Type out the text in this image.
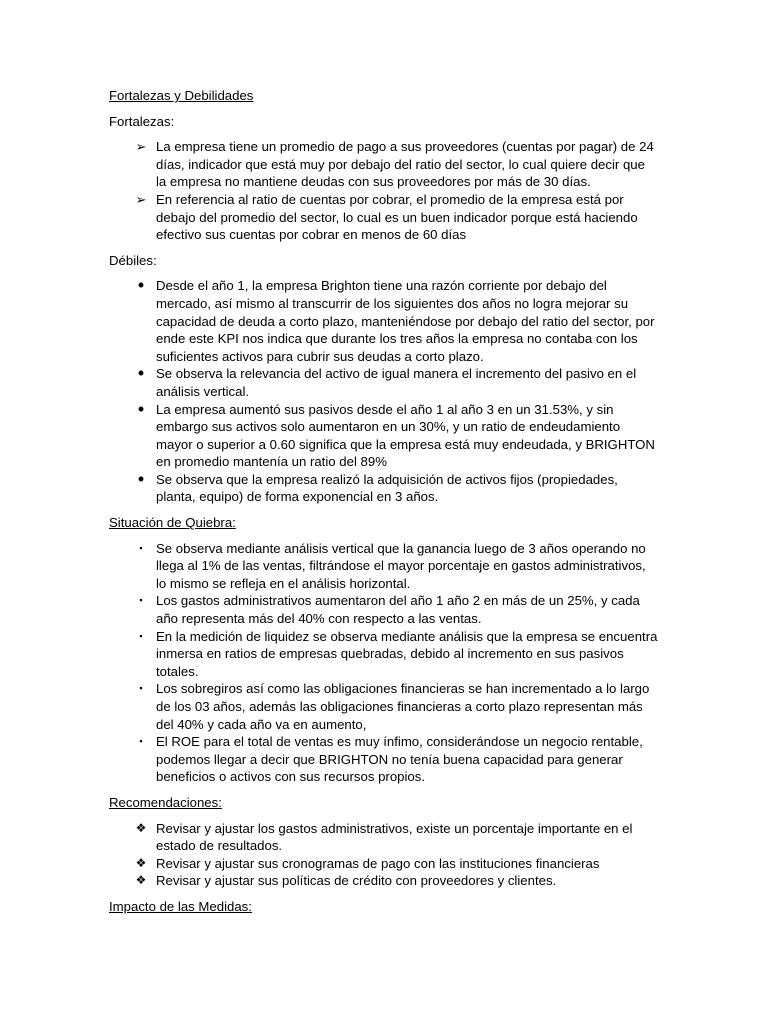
Fortalezas y Debilidades

Fortalezas:

➢ La empresa tiene un promedio de pago a sus proveedores (cuentas por pagar) de 24 días, indicador que está muy por debajo del ratio del sector, lo cual quiere decir que la empresa no mantiene deudas con sus proveedores por más de 30 días.
➢ En referencia al ratio de cuentas por cobrar, el promedio de la empresa está por debajo del promedio del sector, lo cual es un buen indicador porque está haciendo efectivo sus cuentas por cobrar en menos de 60 días

Débiles:

• Desde el año 1, la empresa Brighton tiene una razón corriente por debajo del mercado, así mismo al transcurrir de los siguientes dos años no logra mejorar su capacidad de deuda a corto plazo, manteniéndose por debajo del ratio del sector, por ende este KPI nos indica que durante los tres años la empresa no contaba con los suficientes activos para cubrir sus deudas a corto plazo.
• Se observa la relevancia del activo de igual manera el incremento del pasivo en el análisis vertical.
• La empresa aumentó sus pasivos desde el año 1 al año 3 en un 31.53%, y sin embargo sus activos solo aumentaron en un 30%, y un ratio de endeudamiento mayor o superior a 0.60 significa que la empresa está muy endeudada, y BRIGHTON en promedio mantenía un ratio del 89%
• Se observa que la empresa realizó la adquisición de activos fijos (propiedades, planta, equipo) de forma exponencial en 3 años.

Situación de Quiebra:

▪	Se observa mediante análisis vertical que la ganancia luego de 3 años operando no llega al 1% de las ventas, filtrándose el mayor porcentaje en gastos administrativos, lo mismo se refleja en el análisis horizontal.
▪	Los gastos administrativos aumentaron del año 1 año 2 en más de un 25%, y cada año representa más del 40% con respecto a las ventas.
▪	En la medición de liquidez se observa mediante análisis que la empresa se encuentra inmersa en ratios de empresas quebradas, debido al incremento en sus pasivos totales.
▪	Los sobregiros así como las obligaciones financieras se han incrementado a lo largo de los 03 años, además las obligaciones financieras a corto plazo representan más del 40% y cada año va en aumento,
▪	El ROE para el total de ventas es muy ínfimo, considerándose un negocio rentable, podemos llegar a decir que BRIGHTON no tenía buena capacidad para generar beneficios o activos con sus recursos propios.

Recomendaciones:

❖ Revisar y ajustar los gastos administrativos, existe un porcentaje importante en el estado de resultados.
❖ Revisar y ajustar sus cronogramas de pago con las instituciones financieras
❖ Revisar y ajustar sus políticas de crédito con proveedores y clientes.

Impacto de las Medidas:
